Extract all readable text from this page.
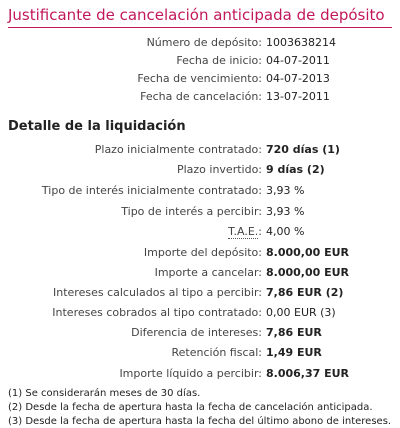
Justificante de cancelación anticipada de depósito
Número de depósito: 1003638214
Fecha de inicio: 04-07-2011
Fecha de vencimiento: 04-07-2013
Fecha de cancelación: 13-07-2011
Detalle de la liquidación
Plazo inicialmente contratado: 720 días (1)
Plazo invertido: 9 días (2)
Tipo de interés inicialmente contratado: 3,93 %
Tipo de interés a percibir: 3,93 %
T.A.E.: 4,00 %
Importe del depósito: 8.000,00 EUR
Importe a cancelar: 8.000,00 EUR
Intereses calculados al tipo a percibir: 7,86 EUR (2)
Intereses cobrados al tipo contratado: 0,00 EUR (3)
Diferencia de intereses: 7,86 EUR
Retención fiscal: 1,49 EUR
Importe líquido a percibir: 8.006,37 EUR
(1) Se considerarán meses de 30 días.
(2) Desde la fecha de apertura hasta la fecha de cancelación anticipada.
(3) Desde la fecha de apertura hasta la fecha del último abono de intereses.
